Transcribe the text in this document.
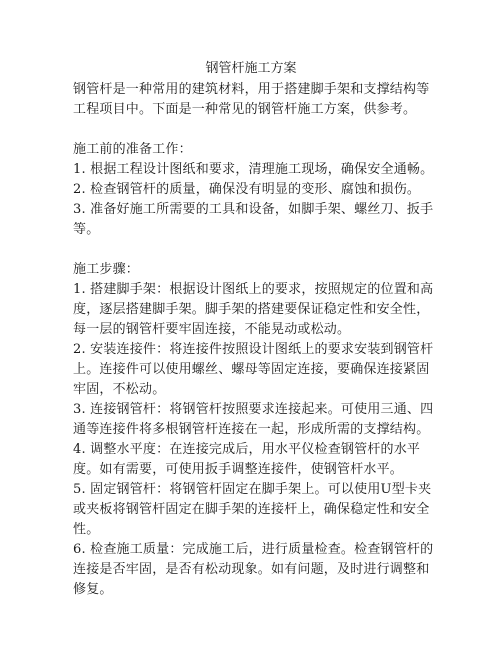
钢管杆施工方案

钢管杆是一种常用的建筑材料，用于搭建脚手架和支撑结构等工程项目中。下面是一种常见的钢管杆施工方案，供参考。

施工前的准备工作：

1. 根据工程设计图纸和要求，清理施工现场，确保安全通畅。

2. 检查钢管杆的质量，确保没有明显的变形、腐蚀和损伤。

3. 准备好施工所需要的工具和设备，如脚手架、螺丝刀、扳手等。

施工步骤：

1. 搭建脚手架：根据设计图纸上的要求，按照规定的位置和高度，逐层搭建脚手架。脚手架的搭建要保证稳定性和安全性，每一层的钢管杆要牢固连接，不能晃动或松动。

2. 安装连接件：将连接件按照设计图纸上的要求安装到钢管杆上。连接件可以使用螺丝、螺母等固定连接，要确保连接紧固牢固，不松动。

3. 连接钢管杆：将钢管杆按照要求连接起来。可使用三通、四通等连接件将多根钢管杆连接在一起，形成所需的支撑结构。

4. 调整水平度：在连接完成后，用水平仪检查钢管杆的水平度。如有需要，可使用扳手调整连接件，使钢管杆水平。

5. 固定钢管杆：将钢管杆固定在脚手架上。可以使用U型卡夹或夹板将钢管杆固定在脚手架的连接杆上，确保稳定性和安全性。

6. 检查施工质量：完成施工后，进行质量检查。检查钢管杆的连接是否牢固，是否有松动现象。如有问题，及时进行调整和修复。
